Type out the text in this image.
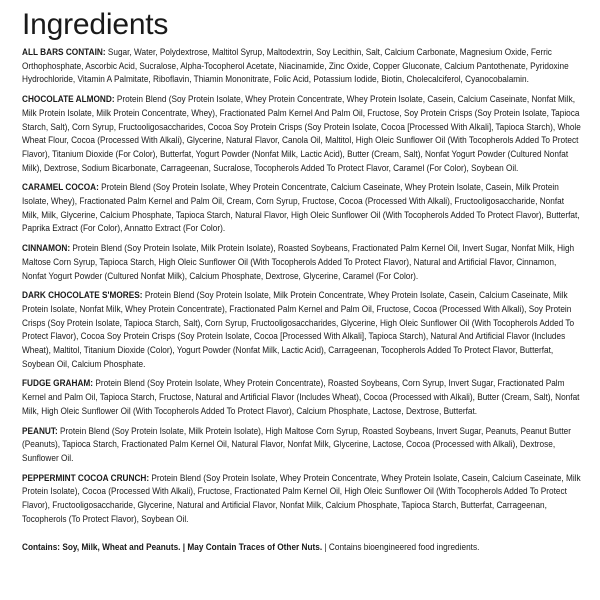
Ingredients
ALL BARS CONTAIN: Sugar, Water, Polydextrose, Maltitol Syrup, Maltodextrin, Soy Lecithin, Salt, Calcium Carbonate, Magnesium Oxide, Ferric Orthophosphate, Ascorbic Acid, Sucralose, Alpha-Tocopherol Acetate, Niacinamide, Zinc Oxide, Copper Gluconate, Calcium Pantothenate, Pyridoxine Hydrochloride, Vitamin A Palmitate, Riboflavin, Thiamin Mononitrate, Folic Acid, Potassium Iodide, Biotin, Cholecalciferol, Cyanocobalamin.
CHOCOLATE ALMOND: Protein Blend (Soy Protein Isolate, Whey Protein Concentrate, Whey Protein Isolate, Casein, Calcium Caseinate, Nonfat Milk, Milk Protein Isolate, Milk Protein Concentrate, Whey), Fractionated Palm Kernel And Palm Oil, Fructose, Soy Protein Crisps (Soy Protein Isolate, Tapioca Starch, Salt), Corn Syrup, Fructooligosaccharides, Cocoa Soy Protein Crisps (Soy Protein Isolate, Cocoa [Processed With Alkali], Tapioca Starch), Whole Wheat Flour, Cocoa (Processed With Alkali), Glycerine, Natural Flavor, Canola Oil, Maltitol, High Oleic Sunflower Oil (With Tocopherols Added To Protect Flavor), Titanium Dioxide (For Color), Butterfat, Yogurt Powder (Nonfat Milk, Lactic Acid), Butter (Cream, Salt), Nonfat Yogurt Powder (Cultured Nonfat Milk), Dextrose, Sodium Bicarbonate, Carrageenan, Sucralose, Tocopherols Added To Protect Flavor, Caramel (For Color), Soybean Oil.
CARAMEL COCOA: Protein Blend (Soy Protein Isolate, Whey Protein Concentrate, Calcium Caseinate, Whey Protein Isolate, Casein, Milk Protein Isolate, Whey), Fractionated Palm Kernel and Palm Oil, Cream, Corn Syrup, Fructose, Cocoa (Processed With Alkali), Fructooligosaccharide, Nonfat Milk, Milk, Glycerine, Calcium Phosphate, Tapioca Starch, Natural Flavor, High Oleic Sunflower Oil (With Tocopherols Added To Protect Flavor), Butterfat, Paprika Extract (For Color), Annatto Extract (For Color).
CINNAMON: Protein Blend (Soy Protein Isolate, Milk Protein Isolate), Roasted Soybeans, Fractionated Palm Kernel Oil, Invert Sugar, Nonfat Milk, High Maltose Corn Syrup, Tapioca Starch, High Oleic Sunflower Oil (With Tocopherols Added To Protect Flavor), Natural and Artificial Flavor, Cinnamon, Nonfat Yogurt Powder (Cultured Nonfat Milk), Calcium Phosphate, Dextrose, Glycerine, Caramel (For Color).
DARK CHOCOLATE S'MORES: Protein Blend (Soy Protein Isolate, Milk Protein Concentrate, Whey Protein Isolate, Casein, Calcium Caseinate, Milk Protein Isolate, Nonfat Milk, Whey Protein Concentrate), Fractionated Palm Kernel and Palm Oil, Fructose, Cocoa (Processed With Alkali), Soy Protein Crisps (Soy Protein Isolate, Tapioca Starch, Salt), Corn Syrup, Fructooligosaccharides, Glycerine, High Oleic Sunflower Oil (With Tocopherols Added To Protect Flavor), Cocoa Soy Protein Crisps (Soy Protein Isolate, Cocoa [Processed With Alkali], Tapioca Starch), Natural And Artificial Flavor (Includes Wheat), Maltitol, Titanium Dioxide (Color), Yogurt Powder (Nonfat Milk, Lactic Acid), Carrageenan, Tocopherols Added To Protect Flavor, Butterfat, Soybean Oil, Calcium Phosphate.
FUDGE GRAHAM: Protein Blend (Soy Protein Isolate, Whey Protein Concentrate), Roasted Soybeans, Corn Syrup, Invert Sugar, Fractionated Palm Kernel and Palm Oil, Tapioca Starch, Fructose, Natural and Artificial Flavor (Includes Wheat), Cocoa (Processed with Alkali), Butter (Cream, Salt), Nonfat Milk, High Oleic Sunflower Oil (With Tocopherols Added To Protect Flavor), Calcium Phosphate, Lactose, Dextrose, Butterfat.
PEANUT: Protein Blend (Soy Protein Isolate, Milk Protein Isolate), High Maltose Corn Syrup, Roasted Soybeans, Invert Sugar, Peanuts, Peanut Butter (Peanuts), Tapioca Starch, Fractionated Palm Kernel Oil, Natural Flavor, Nonfat Milk, Glycerine, Lactose, Cocoa (Processed with Alkali), Dextrose, Sunflower Oil.
PEPPERMINT COCOA CRUNCH: Protein Blend (Soy Protein Isolate, Whey Protein Concentrate, Whey Protein Isolate, Casein, Calcium Caseinate, Milk Protein Isolate), Cocoa (Processed With Alkali), Fructose, Fractionated Palm Kernel Oil, High Oleic Sunflower Oil (With Tocopherols Added To Protect Flavor), Fructooligosaccharide, Glycerine, Natural and Artificial Flavor, Nonfat Milk, Calcium Phosphate, Tapioca Starch, Butterfat, Carrageenan, Tocopherols (To Protect Flavor), Soybean Oil.
Contains: Soy, Milk, Wheat and Peanuts. | May Contain Traces of Other Nuts. | Contains bioengineered food ingredients.
